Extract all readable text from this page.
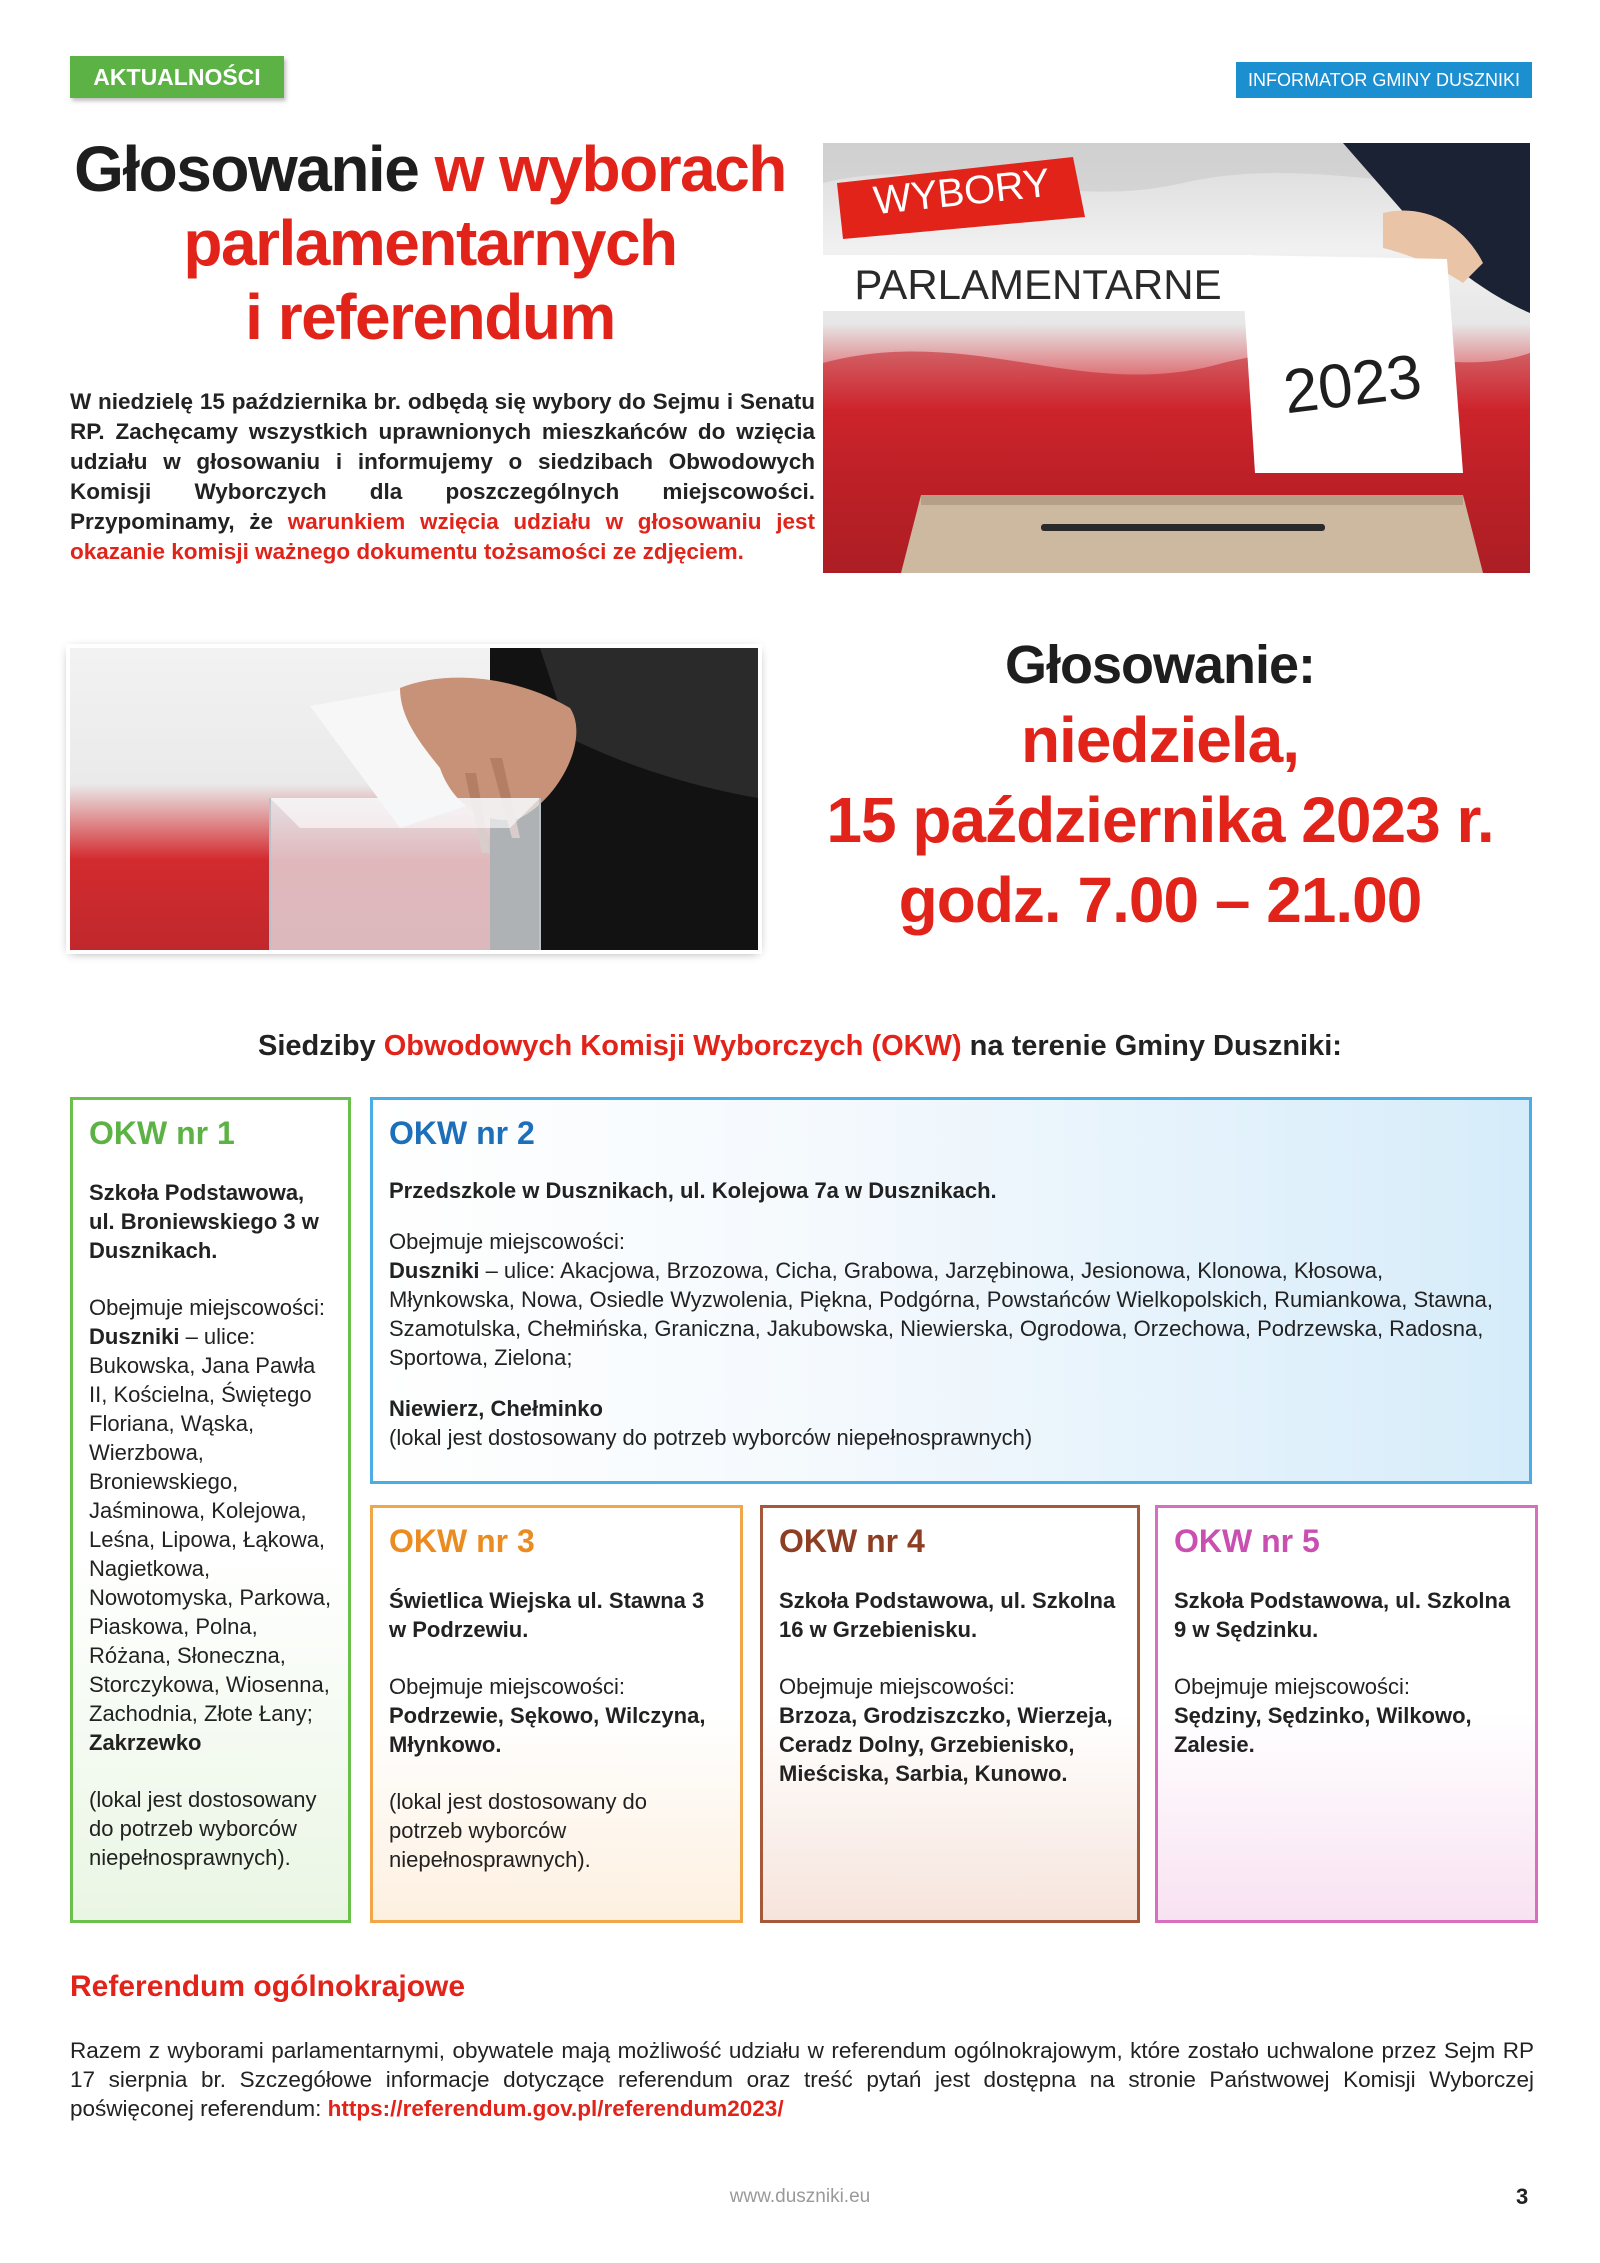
AKTUALNOŚCI	INFORMATOR GMINY DUSZNIKI
Głosowanie w wyborach
parlamentarnych
i referendum
W niedzielę 15 października br. odbędą się wybory do Sejmu i Senatu RP. Zachęcamy wszystkich uprawnionych mieszkańców do wzięcia udziału w głosowaniu i informujemy o siedzibach Obwodowych Komisji Wyborczych dla poszczególnych miejscowości. Przypominamy, że warunkiem wzięcia udziału w głosowaniu jest okazanie komisji ważnego dokumentu tożsamości ze zdjęciem.
WYBORY
PARLAMENTARNE
2023
Głosowanie:
niedziela,
15 października 2023 r.
godz. 7.00 – 21.00
Siedziby Obwodowych Komisji Wyborczych (OKW) na terenie Gminy Duszniki:
OKW nr 1

Szkoła Podstawowa, ul. Broniewskiego 3 w Dusznikach.

Obejmuje miejscowości: Duszniki – ulice: Bukowska, Jana Pawła II, Kościelna, Świętego Floriana, Wąska, Wierzbowa, Broniewskiego, Jaśminowa, Kolejowa, Leśna, Lipowa, Łąkowa, Nagietkowa, Nowotomyska, Parkowa, Piaskowa, Polna, Różana, Słoneczna, Storczykowa, Wiosenna, Zachodnia, Złote Łany; Zakrzewko

(lokal jest dostosowany do potrzeb wyborców niepełnosprawnych).

OKW nr 2

Przedszkole w Dusznikach, ul. Kolejowa 7a w Dusznikach.

Obejmuje miejscowości:
Duszniki – ulice: Akacjowa, Brzozowa, Cicha, Grabowa, Jarzębinowa, Jesionowa, Klonowa, Kłosowa, Młynkowska, Nowa, Osiedle Wyzwolenia, Piękna, Podgórna, Powstańców Wielkopolskich, Rumiankowa, Stawna, Szamotulska, Chełmińska, Graniczna, Jakubowska, Niewierska, Ogrodowa, Orzechowa, Podrzewska, Radosna, Sportowa, Zielona;

Niewierz, Chełminko
(lokal jest dostosowany do potrzeb wyborców niepełnosprawnych)

OKW nr 3

Świetlica Wiejska ul. Stawna 3 w Podrzewiu.

Obejmuje miejscowości:
Podrzewie, Sękowo, Wilczyna, Młynkowo.

(lokal jest dostosowany do potrzeb wyborców niepełnosprawnych).

OKW nr 4

Szkoła Podstawowa, ul. Szkolna 16 w Grzebienisku.

Obejmuje miejscowości:
Brzoza, Grodziszczko, Wierzeja, Ceradz Dolny, Grzebienisko, Mieściska, Sarbia, Kunowo.

OKW nr 5

Szkoła Podstawowa, ul. Szkolna 9 w Sędzinku.

Obejmuje miejscowości:
Sędziny, Sędzinko, Wilkowo, Zalesie.

Referendum ogólnokrajowe
Razem z wyborami parlamentarnymi, obywatele mają możliwość udziału w referendum ogólnokrajowym, które zostało uchwalone przez Sejm RP 17 sierpnia br. Szczegółowe informacje dotyczące referendum oraz treść pytań jest dostępna na stronie Państwowej Komisji Wyborczej poświęconej referendum: https://referendum.gov.pl/referendum2023/
www.duszniki.eu	3
